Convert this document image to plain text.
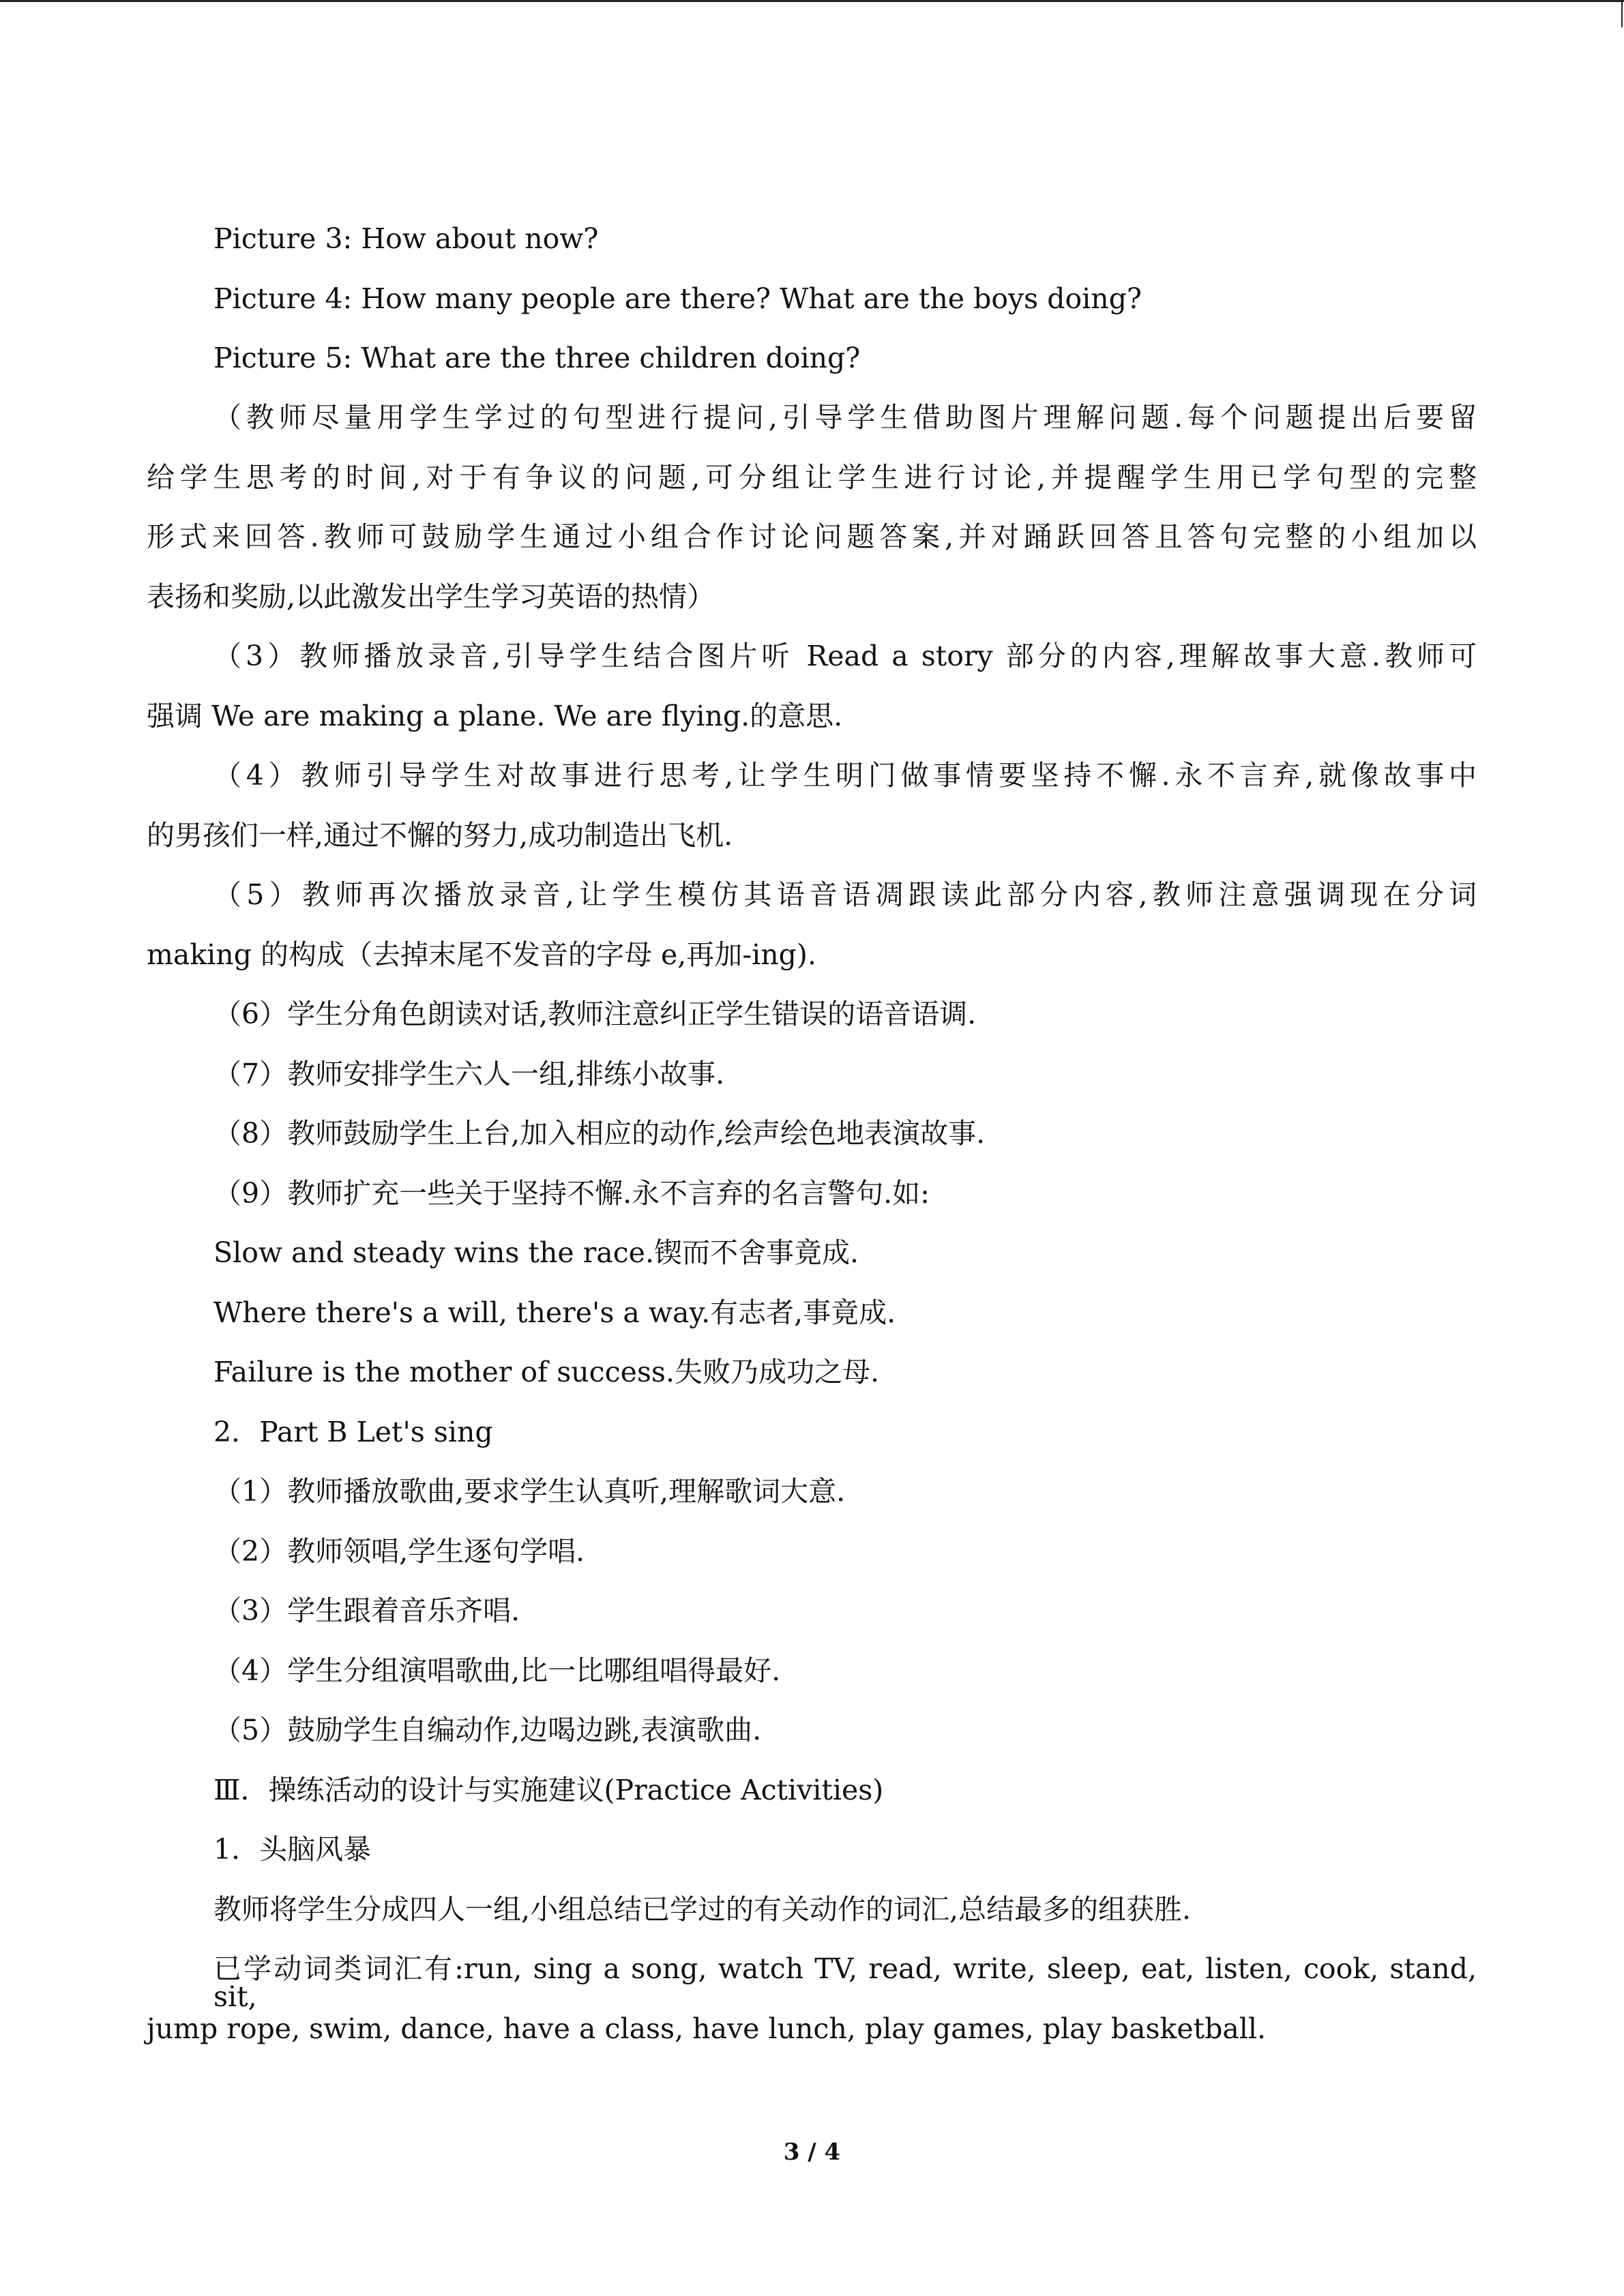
Picture 3: How about now?
Picture 4: How many people are there? What are the boys doing?
Picture 5: What are the three children doing?
（教师尽量用学生学过的句型进行提问,引导学生借助图片理解问题.每个问题提出后要留
给学生思考的时间,对于有争议的问题,可分组让学生进行讨论,并提醒学生用已学句型的完整
形式来回答.教师可鼓励学生通过小组合作讨论问题答案,并对踊跃回答且答句完整的小组加以
表扬和奖励,以此激发出学生学习英语的热情）
（3）教师播放录音,引导学生结合图片听 Read a story 部分的内容,理解故事大意.教师可
强调 We are making a plane. We are flying.的意思.
（4）教师引导学生对故事进行思考,让学生明门做事情要坚持不懈.永不言弃,就像故事中
的男孩们一样,通过不懈的努力,成功制造出飞机.
（5）教师再次播放录音,让学生模仿其语音语凋跟读此部分内容,教师注意强调现在分词
making 的构成（去掉末尾不发音的字母 e,再加-ing).
（6）学生分角色朗读对话,教师注意纠正学生错误的语音语调.
（7）教师安排学生六人一组,排练小故事.
（8）教师鼓励学生上台,加入相应的动作,绘声绘色地表演故事.
（9）教师扩充一些关于坚持不懈.永不言弃的名言警句.如:
Slow and steady wins the race.锲而不舍事竟成.
Where there's a will, there's a way.有志者,事竟成.
Failure is the mother of success.失败乃成功之母.
2．Part B Let's sing
（1）教师播放歌曲,要求学生认真听,理解歌词大意.
（2）教师领唱,学生逐句学唱.
（3）学生跟着音乐齐唱.
（4）学生分组演唱歌曲,比一比哪组唱得最好.
（5）鼓励学生自编动作,边喝边跳,表演歌曲.
Ⅲ．操练活动的设计与实施建议(Practice Activities)
1．头脑风暴
教师将学生分成四人一组,小组总结已学过的有关动作的词汇,总结最多的组获胜.
已学动词类词汇有:run, sing a song, watch TV, read, write, sleep, eat, listen, cook, stand, sit,
jump rope, swim, dance, have a class, have lunch, play games, play basketball.
3 / 4
